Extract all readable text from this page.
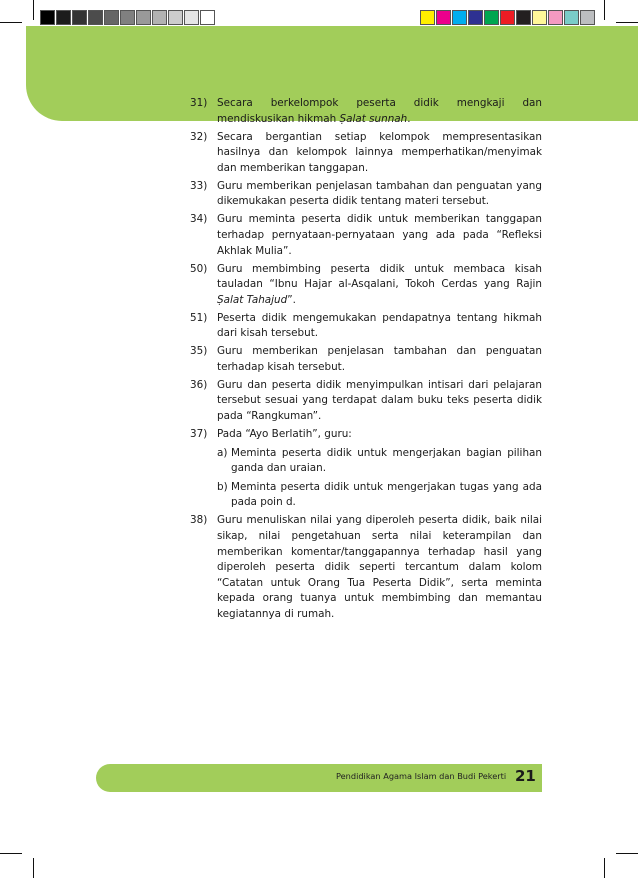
31) Secara berkelompok peserta didik mengkaji dan mendiskusikan hikmah Ṣalat sunnah.
32) Secara bergantian setiap kelompok mempresentasikan hasilnya dan kelompok lainnya memperhatikan/menyimak dan memberikan tanggapan.
33) Guru memberikan penjelasan tambahan dan penguatan yang dikemukakan peserta didik tentang materi tersebut.
34) Guru meminta peserta didik untuk memberikan tanggapan terhadap pernyataan-pernyataan yang ada pada “Refleksi Akhlak Mulia”.
50) Guru membimbing peserta didik untuk membaca kisah tauladan “Ibnu Hajar al-Asqalani, Tokoh Cerdas yang Rajin Ṣalat Tahajud”.
51) Peserta didik mengemukakan pendapatnya tentang hikmah dari kisah tersebut.
35) Guru memberikan penjelasan tambahan dan penguatan terhadap kisah tersebut.
36) Guru dan peserta didik menyimpulkan intisari dari pelajaran tersebut sesuai yang terdapat dalam buku teks peserta didik pada “Rangkuman”.
37) Pada “Ayo Berlatih”, guru:
a) Meminta peserta didik untuk mengerjakan bagian pilihan ganda dan uraian.
b) Meminta peserta didik untuk mengerjakan tugas yang ada pada poin d.
38) Guru menuliskan nilai yang diperoleh peserta didik, baik nilai sikap, nilai pengetahuan serta nilai keterampilan dan memberikan komentar/tanggapannya terhadap hasil yang diperoleh peserta didik seperti tercantum dalam kolom “Catatan untuk Orang Tua Peserta Didik”, serta meminta kepada orang tuanya untuk membimbing dan memantau kegiatannya di rumah.
Pendidikan Agama Islam dan Budi Pekerti 21
